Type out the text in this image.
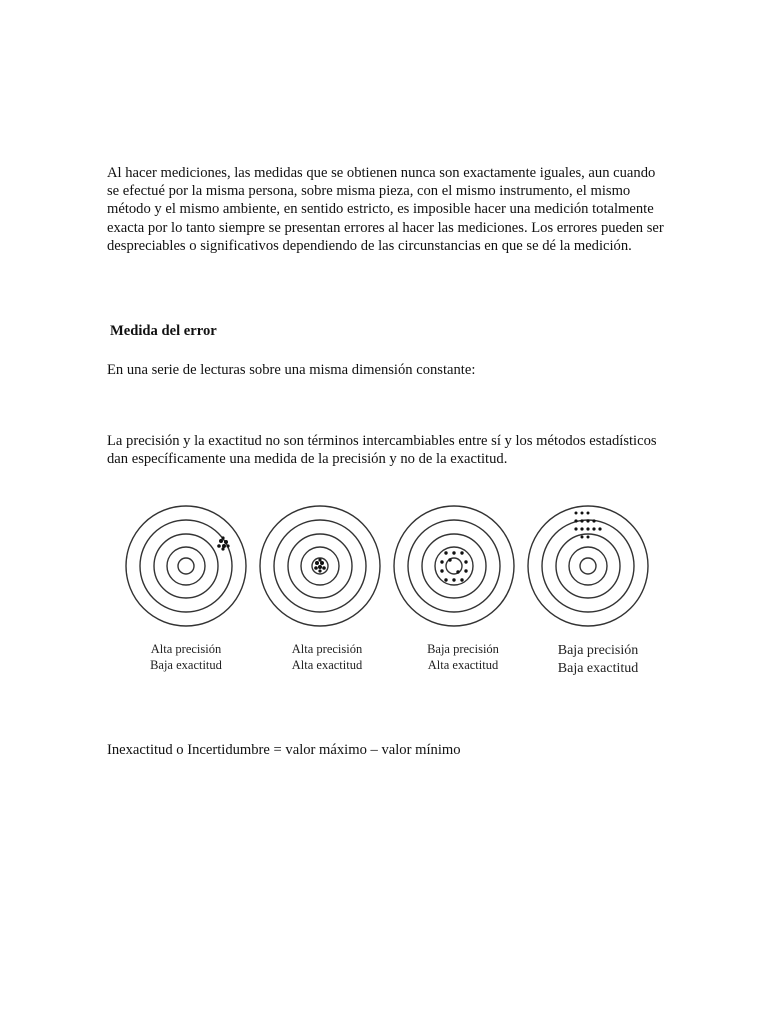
Al hacer mediciones, las medidas que se obtienen nunca son exactamente iguales, aun cuando se efectué por la misma persona, sobre misma pieza, con el mismo instrumento, el mismo método y el mismo ambiente, en sentido estricto, es imposible hacer una medición totalmente exacta por lo tanto siempre se presentan errores al hacer las mediciones. Los errores pueden ser despreciables o significativos dependiendo de las circunstancias en que se dé la medición.

Medida del error

En una serie de lecturas sobre una misma dimensión constante:

La precisión y la exactitud no son términos intercambiables entre sí y los métodos estadísticos dan específicamente una medida de la precisión y no de la exactitud.

Alta precisión
Baja exactitud
Alta precisión
Alta exactitud
Baja precisión
Alta exactitud
Baja precisión
Baja exactitud

Inexactitud o Incertidumbre = valor máximo – valor mínimo
